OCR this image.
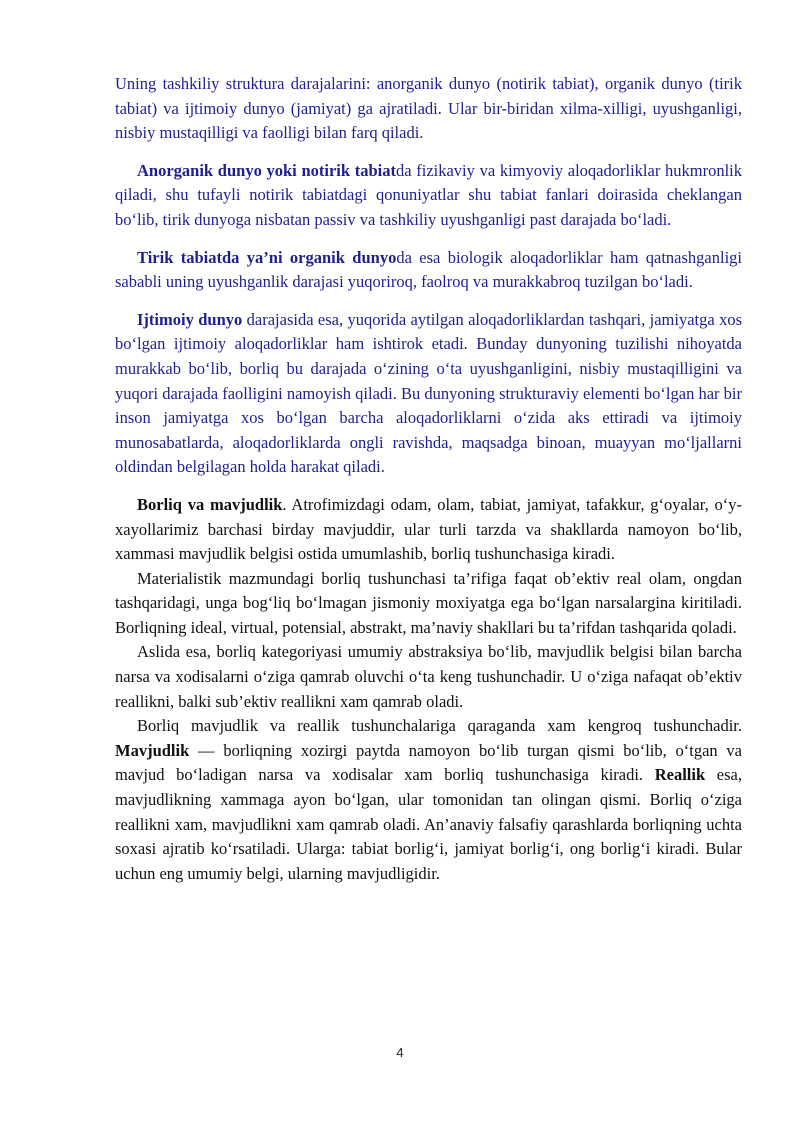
Uning tashkiliy struktura darajalarini: anorganik dunyo (notirik tabiat), organik dunyo (tirik tabiat) va ijtimoiy dunyo (jamiyat) ga ajratiladi. Ular bir-biridan xilma-xilligi, uyushganligi, nisbiy mustaqilligi va faolligi bilan farq qiladi.

Anorganik dunyo yoki notirik tabiatda fizikaviy va kimyoviy aloqadorliklar hukmronlik qiladi, shu tufayli notirik tabiatdagi qonuniyatlar shu tabiat fanlari doirasida cheklangan bo‘lib, tirik dunyoga nisbatan passiv va tashkiliy uyushganligi past darajada bo‘ladi.

Tirik tabiatda ya’ni organik dunyoda esa biologik aloqadorliklar ham qatnashganligi sababli uning uyushganlik darajasi yuqoriroq, faolroq va murakkabroq tuzilgan bo‘ladi.

Ijtimoiy dunyo darajasida esa, yuqorida aytilgan aloqadorliklardan tashqari, jamiyatga xos bo‘lgan ijtimoiy aloqadorliklar ham ishtirok etadi. Bunday dunyoning tuzilishi nihoyatda murakkab bo‘lib, borliq bu darajada o‘zining o‘ta uyushganligini, nisbiy mustaqilligini va yuqori darajada faolligini namoyish qiladi. Bu dunyoning strukturaviy elementi bo‘lgan har bir inson jamiyatga xos bo‘lgan barcha aloqadorliklarni o‘zida aks ettiradi va ijtimoiy munosabatlarda, aloqadorliklarda ongli ravishda, maqsadga binoan, muayyan mo‘ljallarni oldindan belgilagan holda harakat qiladi.

Borliq va mavjudlik. Atrofimizdagi odam, olam, tabiat, jamiyat, tafakkur, g‘oyalar, o‘y-xayollarimiz barchasi birday mavjuddir, ular turli tarzda va shakllarda namoyon bo‘lib, xammasi mavjudlik belgisi ostida umumlashib, borliq tushunchasiga kiradi.

Materialistik mazmundagi borliq tushunchasi ta’rifiga faqat ob’ektiv real olam, ongdan tashqaridagi, unga bog‘liq bo‘lmagan jismoniy moxiyatga ega bo‘lgan narsalargina kiritiladi. Borliqning ideal, virtual, potensial, abstrakt, ma’naviy shakllari bu ta’rifdan tashqarida qoladi.

Aslida esa, borliq kategoriyasi umumiy abstraksiya bo‘lib, mavjudlik belgisi bilan barcha narsa va xodisalarni o‘ziga qamrab oluvchi o‘ta keng tushunchadir. U o‘ziga nafaqat ob’ektiv reallikni, balki sub’ektiv reallikni xam qamrab oladi.

Borliq mavjudlik va reallik tushunchalariga qaraganda xam kengroq tushunchadir. Mavjudlik — borliqning xozirgi paytda namoyon bo‘lib turgan qismi bo‘lib, o‘tgan va mavjud bo‘ladigan narsa va xodisalar xam borliq tushunchasiga kiradi. Reallik esa, mavjudlikning xammaga ayon bo‘lgan, ular tomonidan tan olingan qismi. Borliq o‘ziga reallikni xam, mavjudlikni xam qamrab oladi. An’anaviy falsafiy qarashlarda borliqning uchta soxasi ajratib ko‘rsatiladi. Ularga: tabiat borlig‘i, jamiyat borlig‘i, ong borlig‘i kiradi. Bular uchun eng umumiy belgi, ularning mavjudligidir.

4
